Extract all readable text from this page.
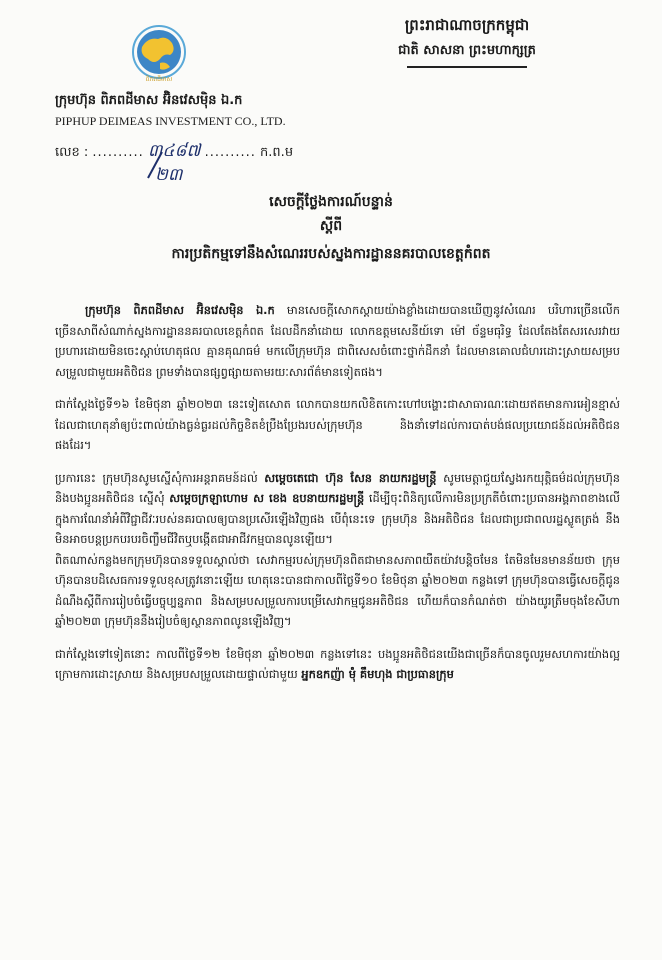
ពិភពដីមាស
ព្រះរាជាណាចក្រកម្ពុជា
ជាតិ សាសនា ព្រះមហាក្សត្រ
ក្រុមហ៊ុន ពិភពដីមាស អ៊ិនវេសម៉ិន ឯ.ក
PIPHUP DEIMEAS INVESTMENT CO., LTD.
លេខ : .......... ៣៤៨៧ .......... ក.ព.ម
២៣
សេចក្តីថ្លែងការណ៍បន្ទាន់
ស្តីពី
ការប្រតិកម្មទៅនឹងសំណេររបស់ស្នងការដ្ឋាននគរបាលខេត្តកំពត

ក្រុមហ៊ុន ពិភពដីមាស អ៊ិនវេសម៉ិន ឯ.ក មានសេចក្តីសោកស្តាយយ៉ាងខ្លាំងដោយបានឃើញនូវសំណេរ បរិហារច្រើនលើកច្រើនសាពីសំណាក់ស្នងការដ្ឋាននគរបាលខេត្តកំពត ដែលដឹកនាំដោយ លោកឧត្តមសេនីយ៍ទោ ម៉ៅ ច័ន្ទមធុរិទ្ធ ដែលតែងតែសរសេរវាយប្រហារដោយមិនចេះស្តាប់ហេតុផល គ្មានគុណធម៌ មកលើក្រុមហ៊ុន ជាពិសេសចំពោះថ្នាក់ដឹកនាំ ដែលមានគោលជំហរដោះស្រាយសម្របសម្រួលជាមួយអតិថិជន ព្រមទាំងបានផ្សព្វផ្សាយតាមរយៈសារព័ត៌មានទៀតផង។

ជាក់ស្តែងថ្ងៃទី១៦ ខែមិថុនា ឆ្នាំ២០២៣ នេះទៀតសោត លោកបានយកលិខិតកោះហៅបង្ហោះជាសាធារណៈដោយឥតមានការអៀនខ្មាស់ ដែលជាហេតុនាំឲ្យប៉ះពាល់យ៉ាងធ្ងន់ធ្ងរដល់កិច្ចខិតខំប្រឹងប្រែងរបស់ក្រុមហ៊ុន និងនាំទៅដល់ការបាត់បង់ផលប្រយោជន៍ដល់អតិថិជនផងដែរ។

ប្រការនេះ ក្រុមហ៊ុនសូមស្នើសុំការអន្តរាគមន៍ដល់ សម្តេចតេជោ ហ៊ុន សែន នាយករដ្ឋមន្ត្រី សូមមេត្តាជួយស្វែងរកយុត្តិធម៌ដល់ក្រុមហ៊ុន និងបងប្អូនអតិថិជន ស្នើសុំ សម្តេចក្រឡាហោម ស ខេង ឧបនាយករដ្ឋមន្ត្រី ដើម្បីចុះពិនិត្យលើការមិនប្រក្រតីចំពោះប្រធានអង្គភាពខាងលើ ក្នុងការណែនាំអំពីវិជ្ជាជីវៈរបស់នគរបាលឲ្យបានប្រសើរឡើងវិញផង បើពុំនេះទេ ក្រុមហ៊ុន និងអតិថិជន ដែលជាប្រជាពលរដ្ឋស្លូតត្រង់ នឹងមិនអាចបន្តប្រកបរបរចិញ្ចឹមជីវិតឬបង្កើតជាអាជីវកម្មបានលូនឡើយ។

ពិតណាស់កន្លងមកក្រុមហ៊ុនបានទទួលស្គាល់ថា សេវាកម្មរបស់ក្រុមហ៊ុនពិតជាមានសភាពយឺតយ៉ាវបន្តិចមែន តែមិនមែនមានន័យថា ក្រុមហ៊ុនបានបដិសេធការទទួលខុសត្រូវនោះឡើយ ហេតុនេះបានជាកាលពីថ្ងៃទី១០ ខែមិថុនា ឆ្នាំ២០២៣ កន្លងទៅ ក្រុមហ៊ុនបានធ្វើសេចក្តីជូនដំណឹងស្តីពីការរៀបចំធ្វើបច្ចុប្បន្នភាព និងសម្របសម្រួលការបម្រើសេវាកម្មជូនអតិថិជន ហើយក៏បានកំណត់ថា យ៉ាងយូរត្រឹមចុងខែសីហា ឆ្នាំ២០២៣ ក្រុមហ៊ុននឹងរៀបចំឲ្យស្ថានភាពលូនឡើងវិញ។

ជាក់ស្តែងទៅទៀតនោះ កាលពីថ្ងៃទី១២ ខែមិថុនា ឆ្នាំ២០២៣ កន្លងទៅនេះ បងប្អូនអតិថិជនយើងជាច្រើនក៏បានចូលរួមសហការយ៉ាងល្អក្រោមការដោះស្រាយ និងសម្របសម្រួលដោយផ្ទាល់ជាមួយ អ្នកឧកញ៉ា ម៉ុំ គឹមហុង ជាប្រធានក្រុម
